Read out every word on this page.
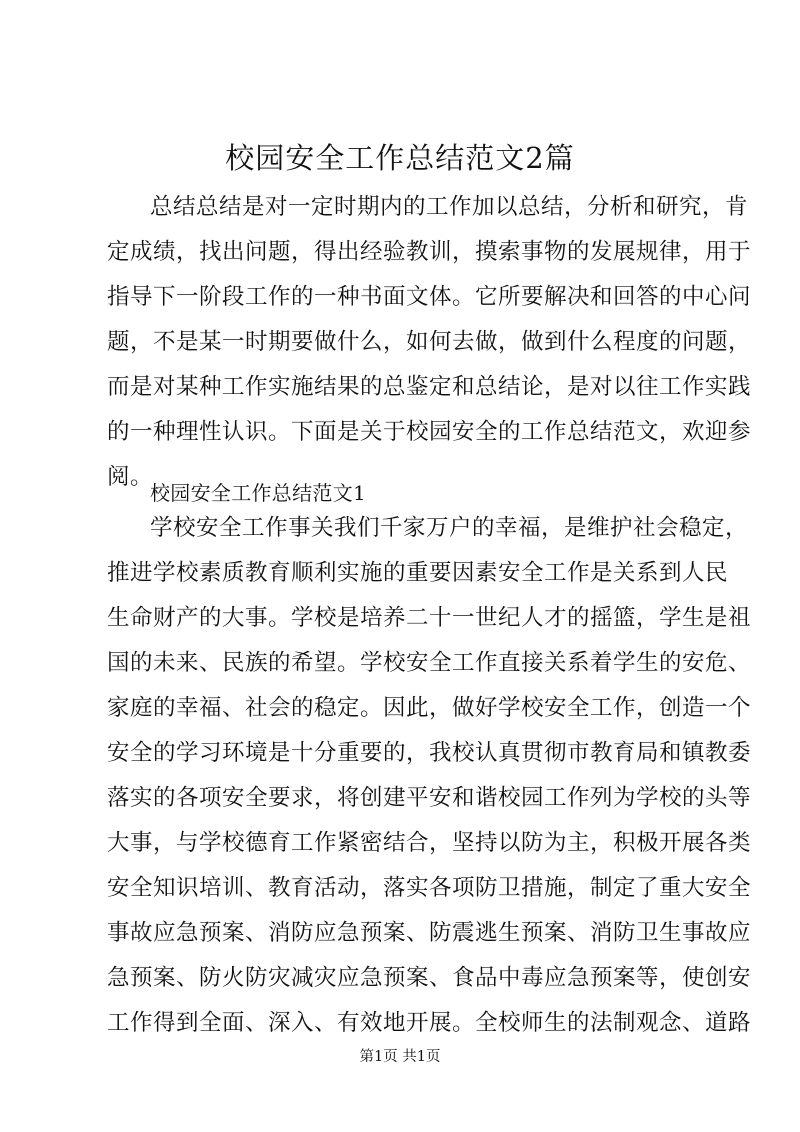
校园安全工作总结范文2篇
总结总结是对一定时期内的工作加以总结，分析和研究，肯
定成绩，找出问题，得出经验教训，摸索事物的发展规律，用于
指导下一阶段工作的一种书面文体。它所要解决和回答的中心问
题，不是某一时期要做什么，如何去做，做到什么程度的问题，
而是对某种工作实施结果的总鉴定和总结论，是对以往工作实践
的一种理性认识。下面是关于校园安全的工作总结范文，欢迎参
阅。
校园安全工作总结范文1
学校安全工作事关我们千家万户的幸福，是维护社会稳定，
推进学校素质教育顺利实施的重要因素安全工作是关系到人民
生命财产的大事。学校是培养二十一世纪人才的摇篮，学生是祖
国的未来、民族的希望。学校安全工作直接关系着学生的安危、
家庭的幸福、社会的稳定。因此，做好学校安全工作，创造一个
安全的学习环境是十分重要的，我校认真贯彻市教育局和镇教委
落实的各项安全要求，将创建平安和谐校园工作列为学校的头等
大事，与学校德育工作紧密结合，坚持以防为主，积极开展各类
安全知识培训、教育活动，落实各项防卫措施，制定了重大安全
事故应急预案、消防应急预案、防震逃生预案、消防卫生事故应
急预案、防火防灾减灾应急预案、食品中毒应急预案等，使创安
工作得到全面、深入、有效地开展。全校师生的法制观念、道路
第1页 共1页
